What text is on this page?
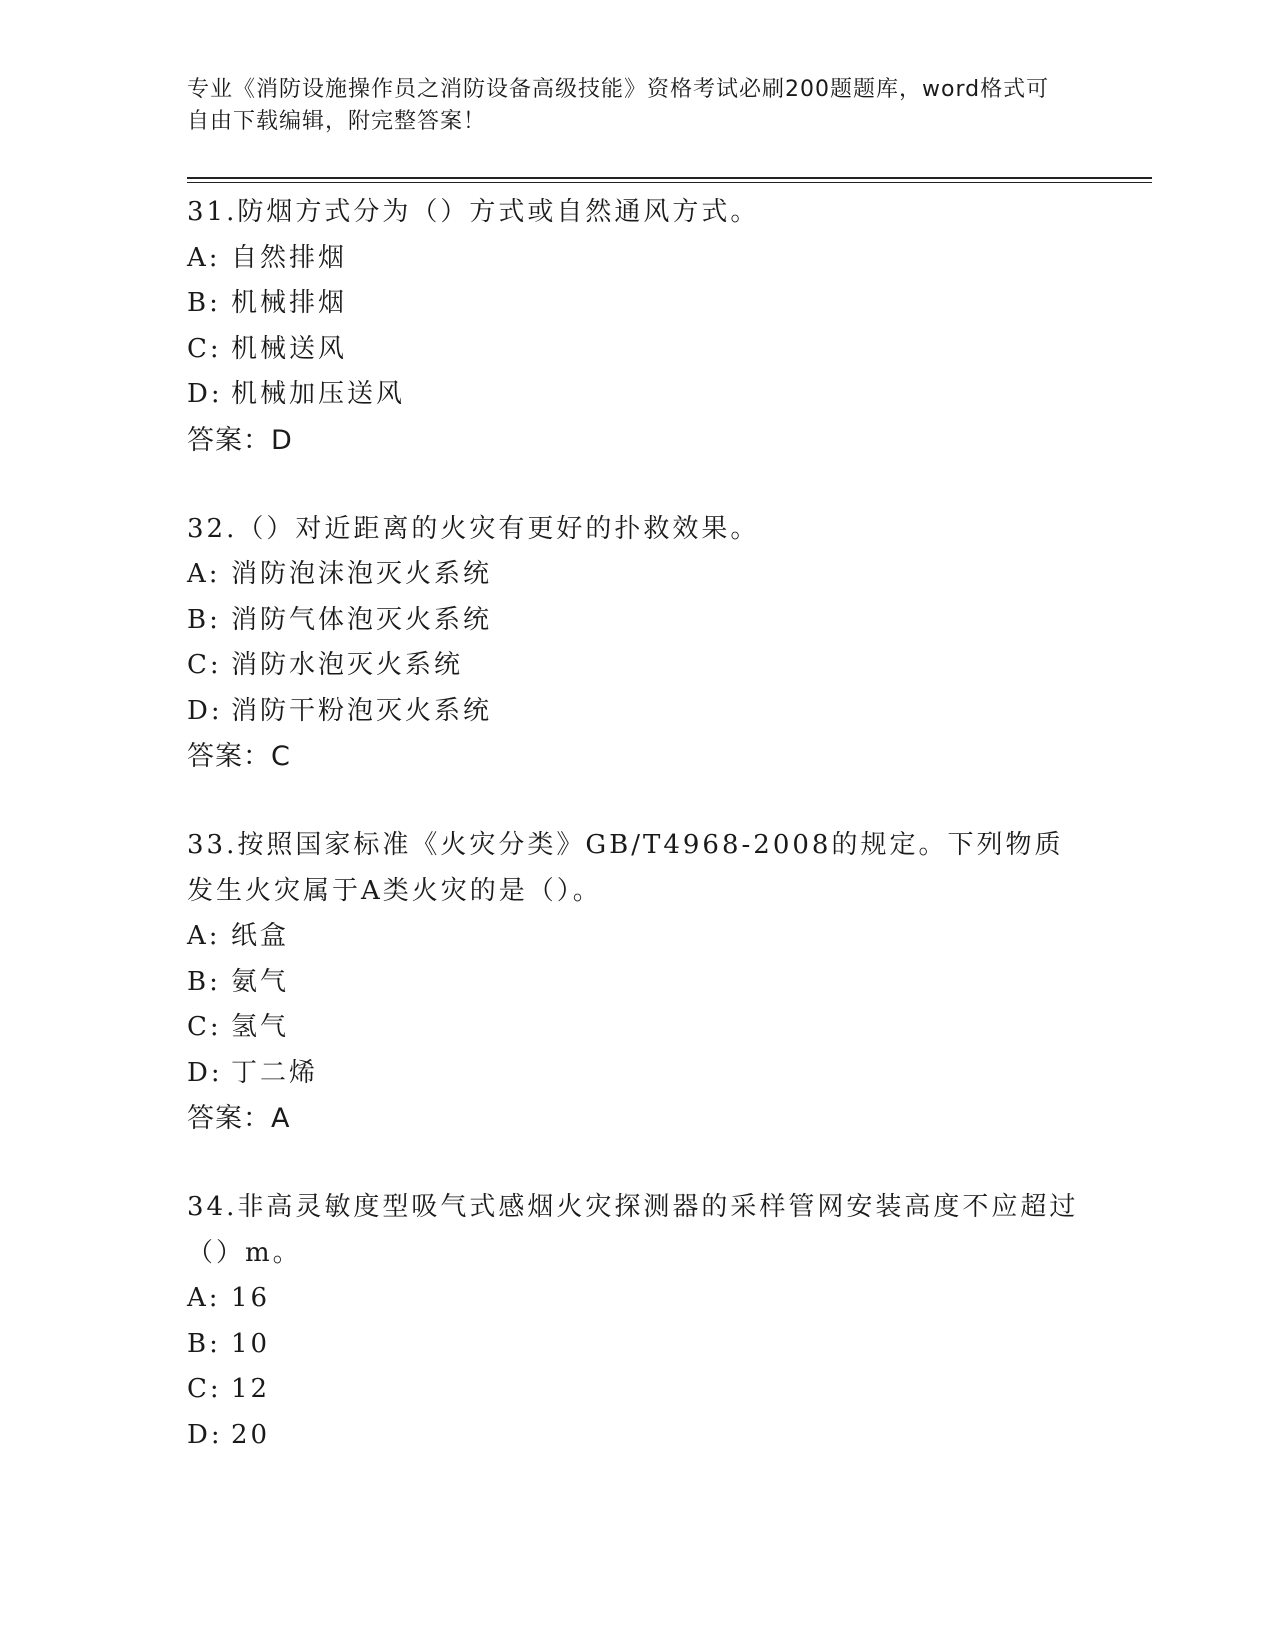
专业《消防设施操作员之消防设备高级技能》资格考试必刷200题题库，word格式可自由下载编辑，附完整答案！

31.防烟方式分为（）方式或自然通风方式。

A: 自然排烟

B: 机械排烟

C: 机械送风

D: 机械加压送风

答案：D

32.（）对近距离的火灾有更好的扑救效果。

A: 消防泡沫泡灭火系统

B: 消防气体泡灭火系统

C: 消防水泡灭火系统

D: 消防干粉泡灭火系统

答案：C

33.按照国家标准《火灾分类》GB/T4968-2008的规定。下列物质发生火灾属于A类火灾的是（）。

A: 纸盒

B: 氨气

C: 氢气

D: 丁二烯

答案：A

34.非高灵敏度型吸气式感烟火灾探测器的采样管网安装高度不应超过（）m。

A: 16

B: 10

C: 12

D: 20
